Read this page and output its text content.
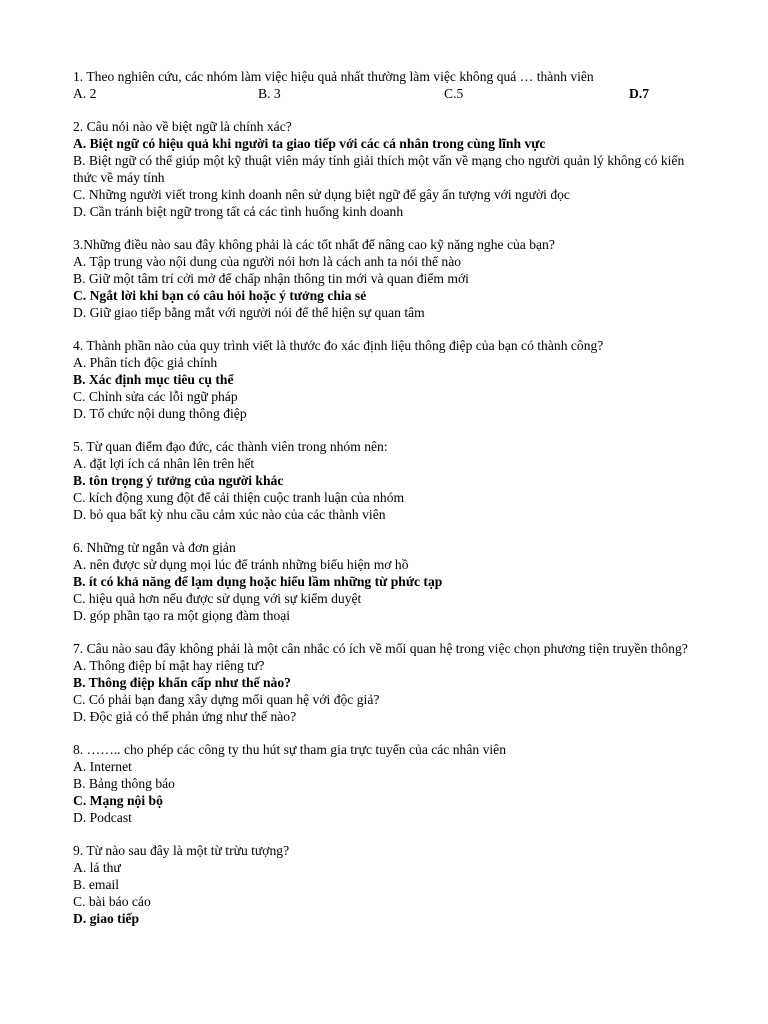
1. Theo nghiên cứu, các nhóm làm việc hiệu quả nhất thường làm việc không quá … thành viên
A. 2	B. 3	C.5	D.7
2. Câu nói nào về biệt ngữ là chính xác?
A. Biệt ngữ có hiệu quả khi người ta giao tiếp với các cá nhân trong cùng lĩnh vực
B. Biệt ngữ có thể giúp một kỹ thuật viên máy tính giải thích một vấn về mạng cho người quản lý không có kiến thức về máy tính
C. Những người viết trong kinh doanh nên sử dụng biệt ngữ để gây ấn tượng với người đọc
D. Cần tránh biệt ngữ trong tất cả các tình huống kinh doanh
3.Những điều nào sau đây không phải là các tốt nhất để nâng cao kỹ năng nghe của bạn?
A. Tập trung vào nội dung của người nói hơn là cách anh ta nói thế nào
B. Giữ một tâm trí cởi mở để chấp nhận thông tin mới và quan điểm mới
C. Ngắt lời khi bạn có câu hỏi hoặc ý tưởng chia sẻ
D. Giữ giao tiếp bằng mắt với người nói để thể hiện sự quan tâm
4. Thành phần nào của quy trình viết là thước đo xác định liệu thông điệp của bạn có thành công?
A. Phân tích độc giả chính
B. Xác định mục tiêu cụ thể
C. Chỉnh sửa các lỗi ngữ pháp
D. Tổ chức nội dung thông điệp
5. Từ quan điểm đạo đức, các thành viên trong nhóm nên:
A. đặt lợi ích cá nhân lên trên hết
B. tôn trọng ý tưởng của người khác
C. kích động xung đột để cải thiện cuộc tranh luận của nhóm
D. bỏ qua bất kỳ nhu cầu cảm xúc nào của các thành viên
6. Những từ ngắn và đơn giản
A. nên được sử dụng mọi lúc để tránh những biểu hiện mơ hồ
B. ít có khả năng để lạm dụng hoặc hiểu lầm những từ phức tạp
C. hiệu quả hơn nếu được sử dụng với sự kiểm duyệt
D. góp phần tạo ra một giọng đàm thoại
7. Câu nào sau đây không phải là một cân nhắc có ích về mối quan hệ trong việc chọn phương tiện truyền thông?
A. Thông điệp bí mật hay riêng tư?
B. Thông điệp khẩn cấp như thế nào?
C. Có phải bạn đang xây dựng mối quan hệ với độc giả?
D. Độc giả có thể phản ứng như thế nào?
8. …….. cho phép các công ty thu hút sự tham gia trực tuyến của các nhân viên
A. Internet
B. Bảng thông báo
C. Mạng nội bộ
D. Podcast
9. Từ nào sau đây là một từ trừu tượng?
A. lá thư
B. email
C. bài báo cáo
D. giao tiếp
